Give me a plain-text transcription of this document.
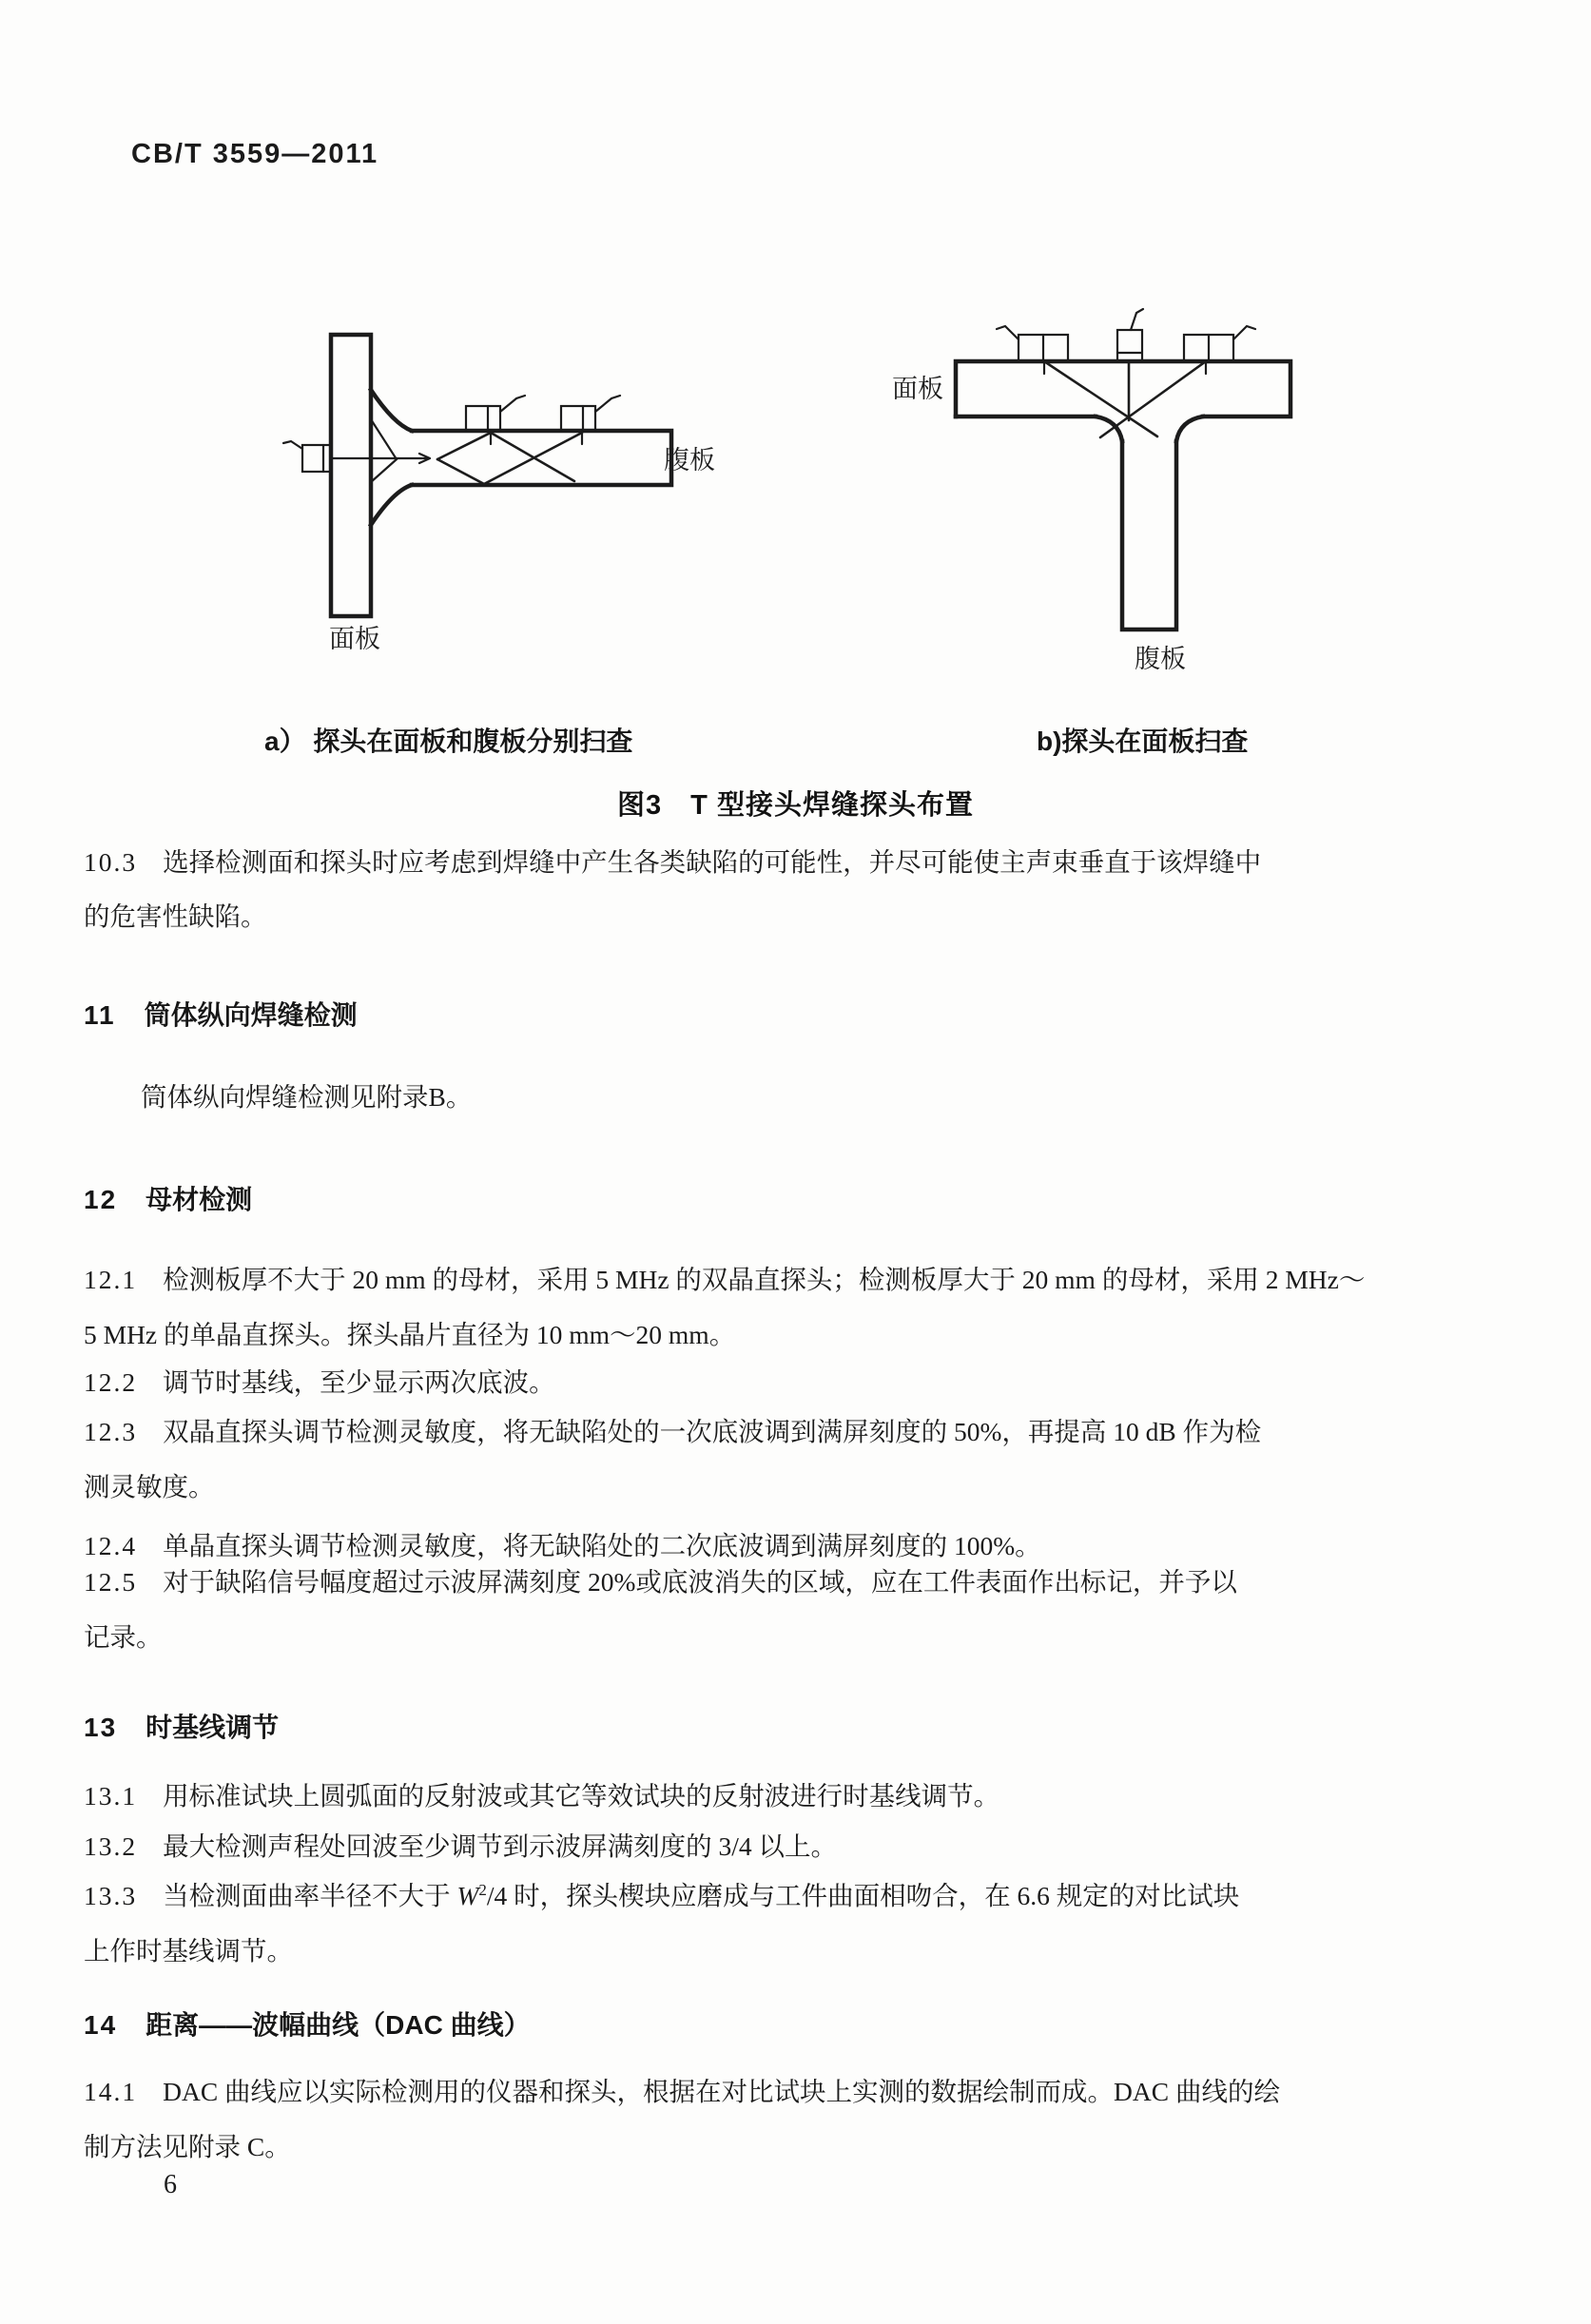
CB/T 3559—2011
腹板
面板
面板
腹板
a） 探头在面板和腹板分别扫查	b)探头在面板扫查
图3　T 型接头焊缝探头布置
10.3 选择检测面和探头时应考虑到焊缝中产生各类缺陷的可能性，并尽可能使主声束垂直于该焊缝中
的危害性缺陷。
11 筒体纵向焊缝检测
筒体纵向焊缝检测见附录B。
12 母材检测
12.1 检测板厚不大于 20 mm 的母材，采用 5 MHz 的双晶直探头；检测板厚大于 20 mm 的母材，采用 2 MHz～
5 MHz 的单晶直探头。探头晶片直径为 10 mm～20 mm。
12.2 调节时基线，至少显示两次底波。
12.3 双晶直探头调节检测灵敏度，将无缺陷处的一次底波调到满屏刻度的 50%，再提高 10 dB 作为检
测灵敏度。
12.4 单晶直探头调节检测灵敏度，将无缺陷处的二次底波调到满屏刻度的 100%。
12.5 对于缺陷信号幅度超过示波屏满刻度 20%或底波消失的区域，应在工件表面作出标记，并予以
记录。
13 时基线调节
13.1 用标准试块上圆弧面的反射波或其它等效试块的反射波进行时基线调节。
13.2 最大检测声程处回波至少调节到示波屏满刻度的 3/4 以上。
13.3 当检测面曲率半径不大于 $W^2/4$ 时，探头楔块应磨成与工件曲面相吻合，在 6.6 规定的对比试块
上作时基线调节。
14 距离——波幅曲线（DAC 曲线）
14.1 DAC 曲线应以实际检测用的仪器和探头，根据在对比试块上实测的数据绘制而成。DAC 曲线的绘
制方法见附录 C。
6
